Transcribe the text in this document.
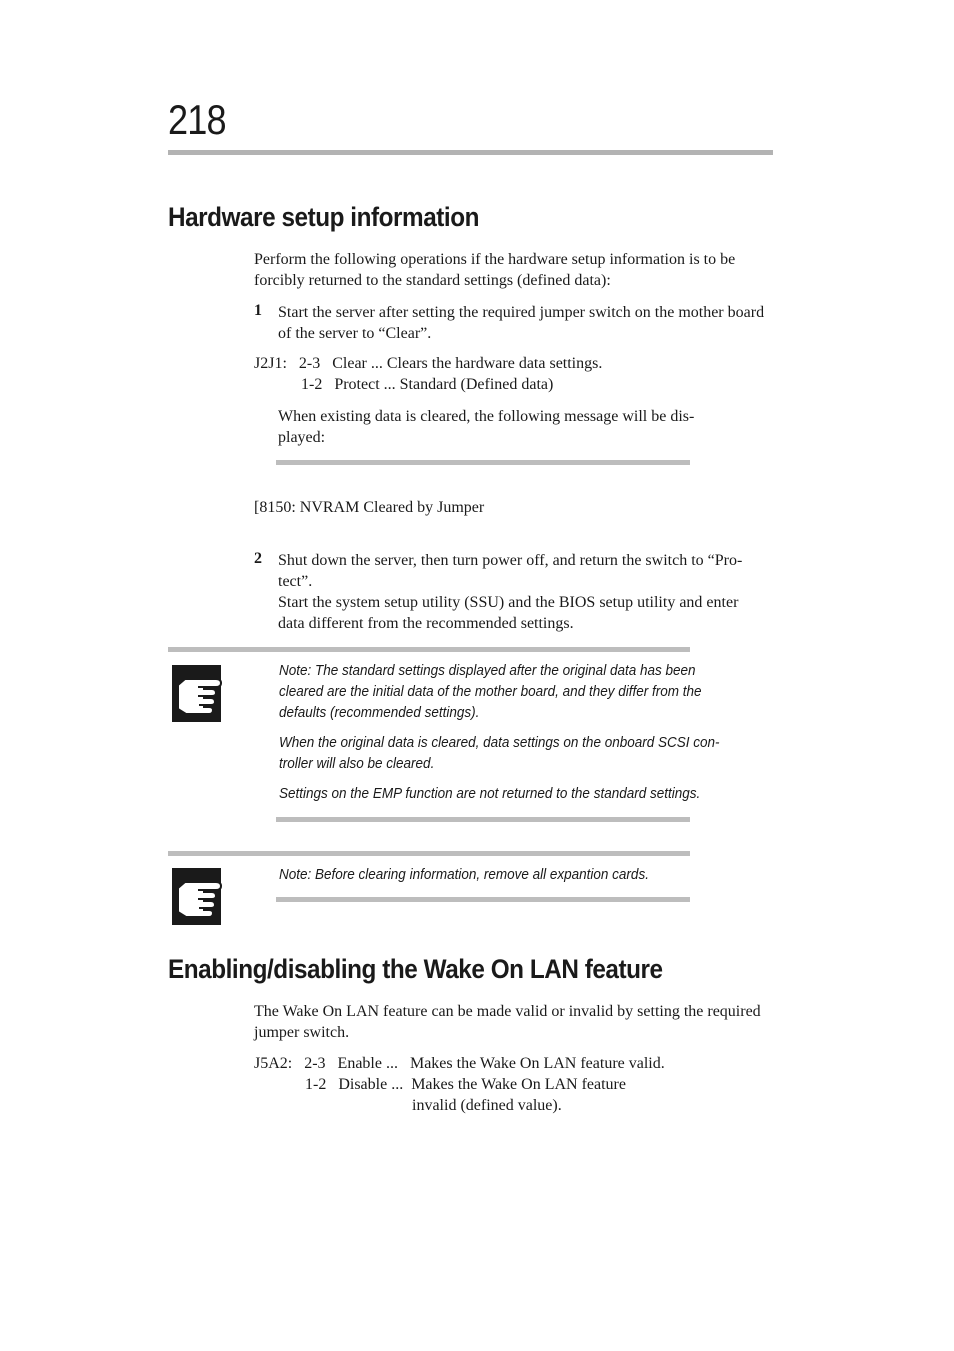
218
Hardware setup information
Perform the following operations if the hardware setup information is to be
forcibly returned to the standard settings (defined data):
1 Start the server after setting the required jumper switch on the mother board
of the server to “Clear”.
J2J1:   2-3   Clear ... Clears the hardware data settings.
1-2   Protect ... Standard (Defined data)
When existing data is cleared, the following message will be dis-
played:
[8150: NVRAM Cleared by Jumper
2 Shut down the server, then turn power off, and return the switch to “Pro-
tect”.
Start the system setup utility (SSU) and the BIOS setup utility and enter
data different from the recommended settings.
Note: The standard settings displayed after the original data has been
cleared are the initial data of the mother board, and they differ from the
defaults (recommended settings).
When the original data is cleared, data settings on the onboard SCSI con-
troller will also be cleared.
Settings on the EMP function are not returned to the standard settings.
Note: Before clearing information, remove all expantion cards.
Enabling/disabling the Wake On LAN feature
The Wake On LAN feature can be made valid or invalid by setting the required
jumper switch.
J5A2:   2-3   Enable ...   Makes the Wake On LAN feature valid.
1-2   Disable ...  Makes the Wake On LAN feature
invalid (defined value).
